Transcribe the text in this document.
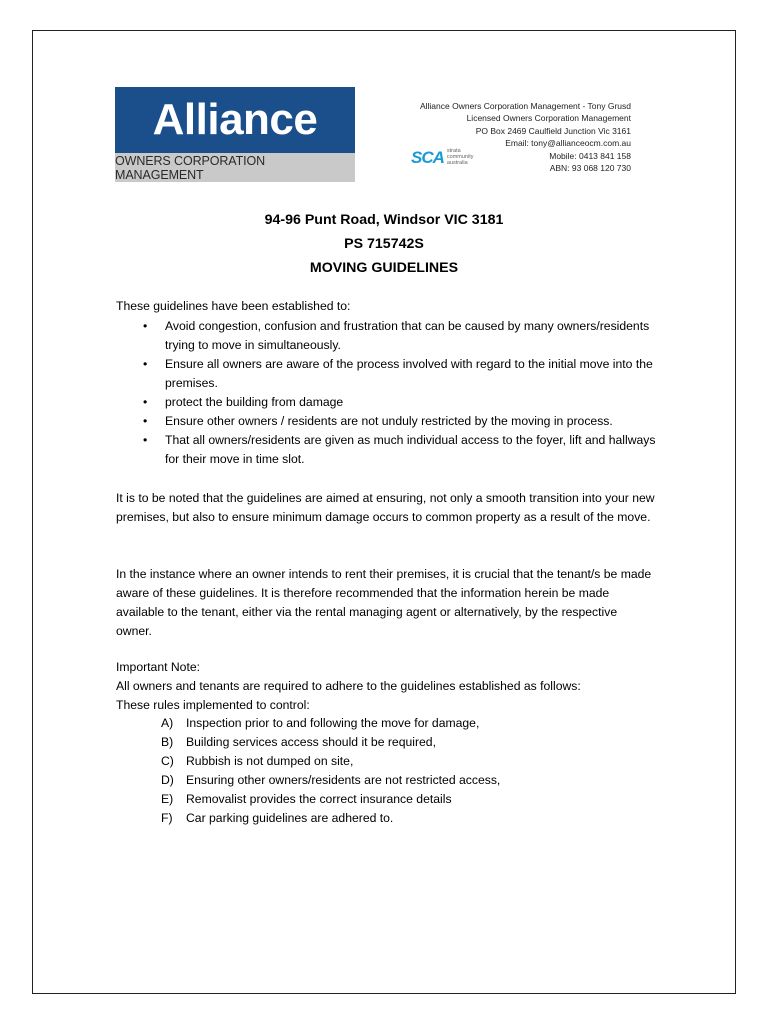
Alliance
OWNERS CORPORATION MANAGEMENT
Alliance Owners Corporation Management - Tony Grusd
Licensed Owners Corporation Management
PO Box 2469 Caulfield Junction Vic 3161
Email: tony@allianceocm.com.au
Mobile: 0413 841 158
ABN: 93 068 120 730
SCA strata
community
australia
94-96 Punt Road, Windsor VIC 3181
PS 715742S
MOVING GUIDELINES
These guidelines have been established to:
• Avoid congestion, confusion and frustration that can be caused by many owners/residents trying to move in simultaneously.
• Ensure all owners are aware of the process involved with regard to the initial move into the premises.
• protect the building from damage
• Ensure other owners / residents are not unduly restricted by the moving in process.
• That all owners/residents are given as much individual access to the foyer, lift and hallways for their move in time slot.
It is to be noted that the guidelines are aimed at ensuring, not only a smooth transition into your new premises, but also to ensure minimum damage occurs to common property as a result of the move.
In the instance where an owner intends to rent their premises, it is crucial that the tenant/s be made aware of these guidelines. It is therefore recommended that the information herein be made available to the tenant, either via the rental managing agent or alternatively, by the respective owner.
Important Note:
All owners and tenants are required to adhere to the guidelines established as follows:
These rules implemented to control:
A) Inspection prior to and following the move for damage,
B) Building services access should it be required,
C) Rubbish is not dumped on site,
D) Ensuring other owners/residents are not restricted access,
E) Removalist provides the correct insurance details
F) Car parking guidelines are adhered to.
